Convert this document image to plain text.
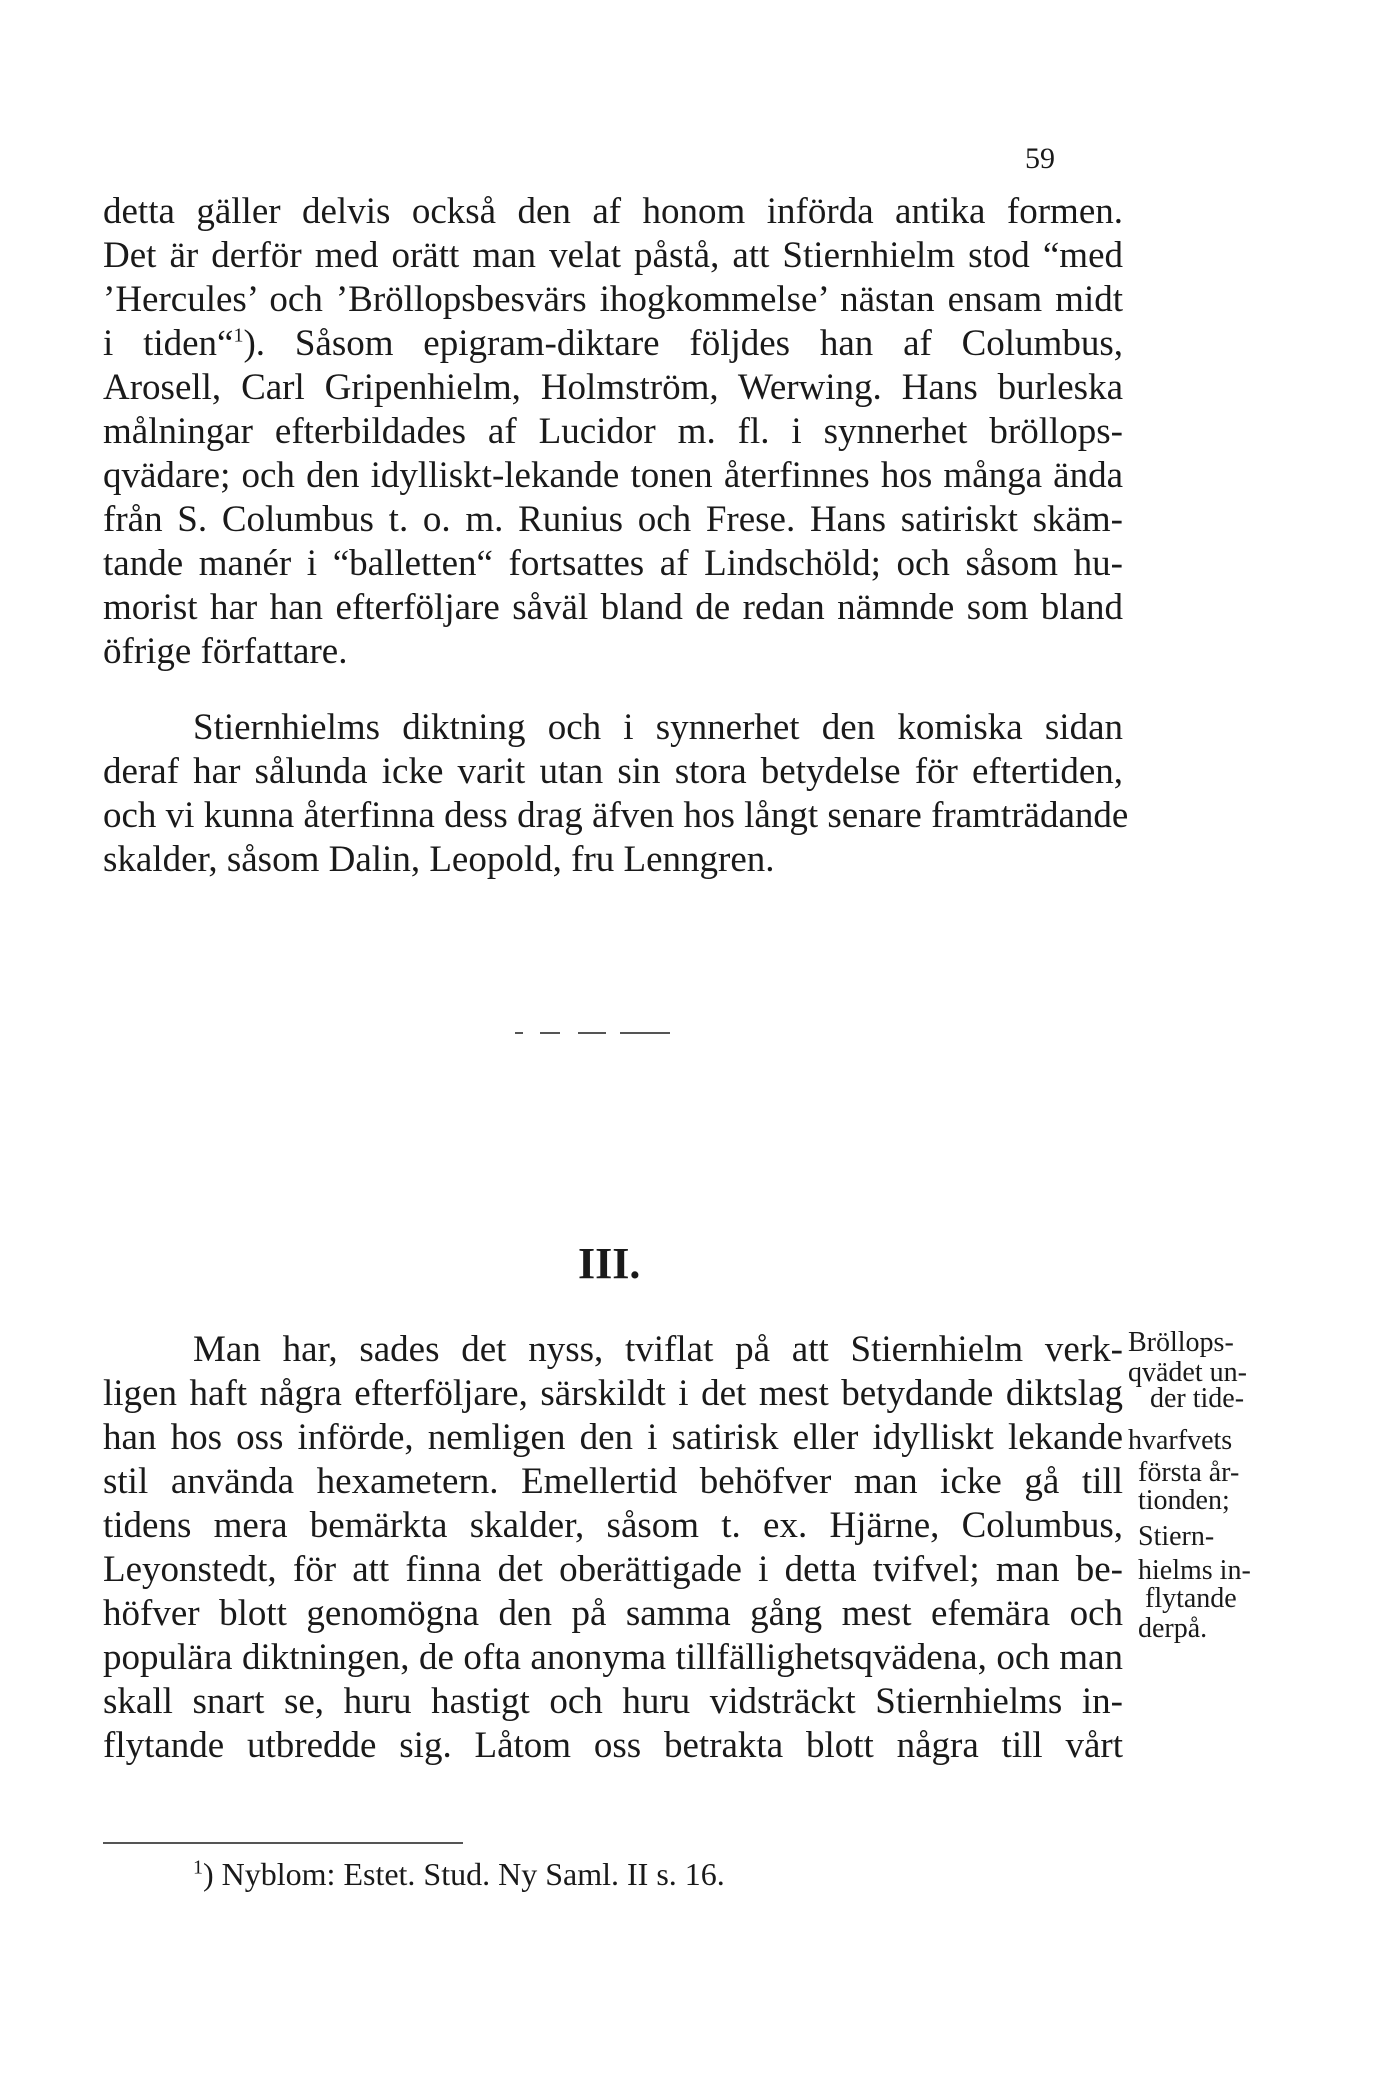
59
detta gäller delvis också den af honom införda antika formen.
Det är derför med orätt man velat påstå, att Stiernhielm stod “med
’Hercules’ och ’Bröllopsbesvärs ihogkommelse’ nästan ensam midt
i tiden“$^1$). Såsom epigram-diktare följdes han af Columbus,
Arosell, Carl Gripenhielm, Holmström, Werwing. Hans burleska
målningar efterbildades af Lucidor m. fl. i synnerhet bröllops-
qvädare; och den idylliskt-lekande tonen återfinnes hos många ända
från S. Columbus t. o. m. Runius och Frese. Hans satiriskt skäm-
tande manér i “balletten“ fortsattes af Lindschöld; och såsom hu-
morist har han efterföljare såväl bland de redan nämnde som bland
öfrige författare.
Stiernhielms diktning och i synnerhet den komiska sidan
deraf har sålunda icke varit utan sin stora betydelse för eftertiden,
och vi kunna återfinna dess drag äfven hos långt senare framträdande
skalder, såsom Dalin, Leopold, fru Lenngren.
III.
Man har, sades det nyss, tviflat på att Stiernhielm verk-
ligen haft några efterföljare, särskildt i det mest betydande diktslag
han hos oss införde, nemligen den i satirisk eller idylliskt lekande
stil använda hexametern. Emellertid behöfver man icke gå till
tidens mera bemärkta skalder, såsom t. ex. Hjärne, Columbus,
Leyonstedt, för att finna det oberättigade i detta tvifvel; man be-
höfver blott genomögna den på samma gång mest efemära och
populära diktningen, de ofta anonyma tillfällighetsqvädena, och man
skall snart se, huru hastigt och huru vidsträckt Stiernhielms in-
flytande utbredde sig. Låtom oss betrakta blott några till vårt
Bröllops-
qvädet un-
der tide-
hvarfvets
första år-
tionden;
Stiern-
hielms in-
flytande
derpå.
$^1$) Nyblom: Estet. Stud. Ny Saml. II s. 16.
